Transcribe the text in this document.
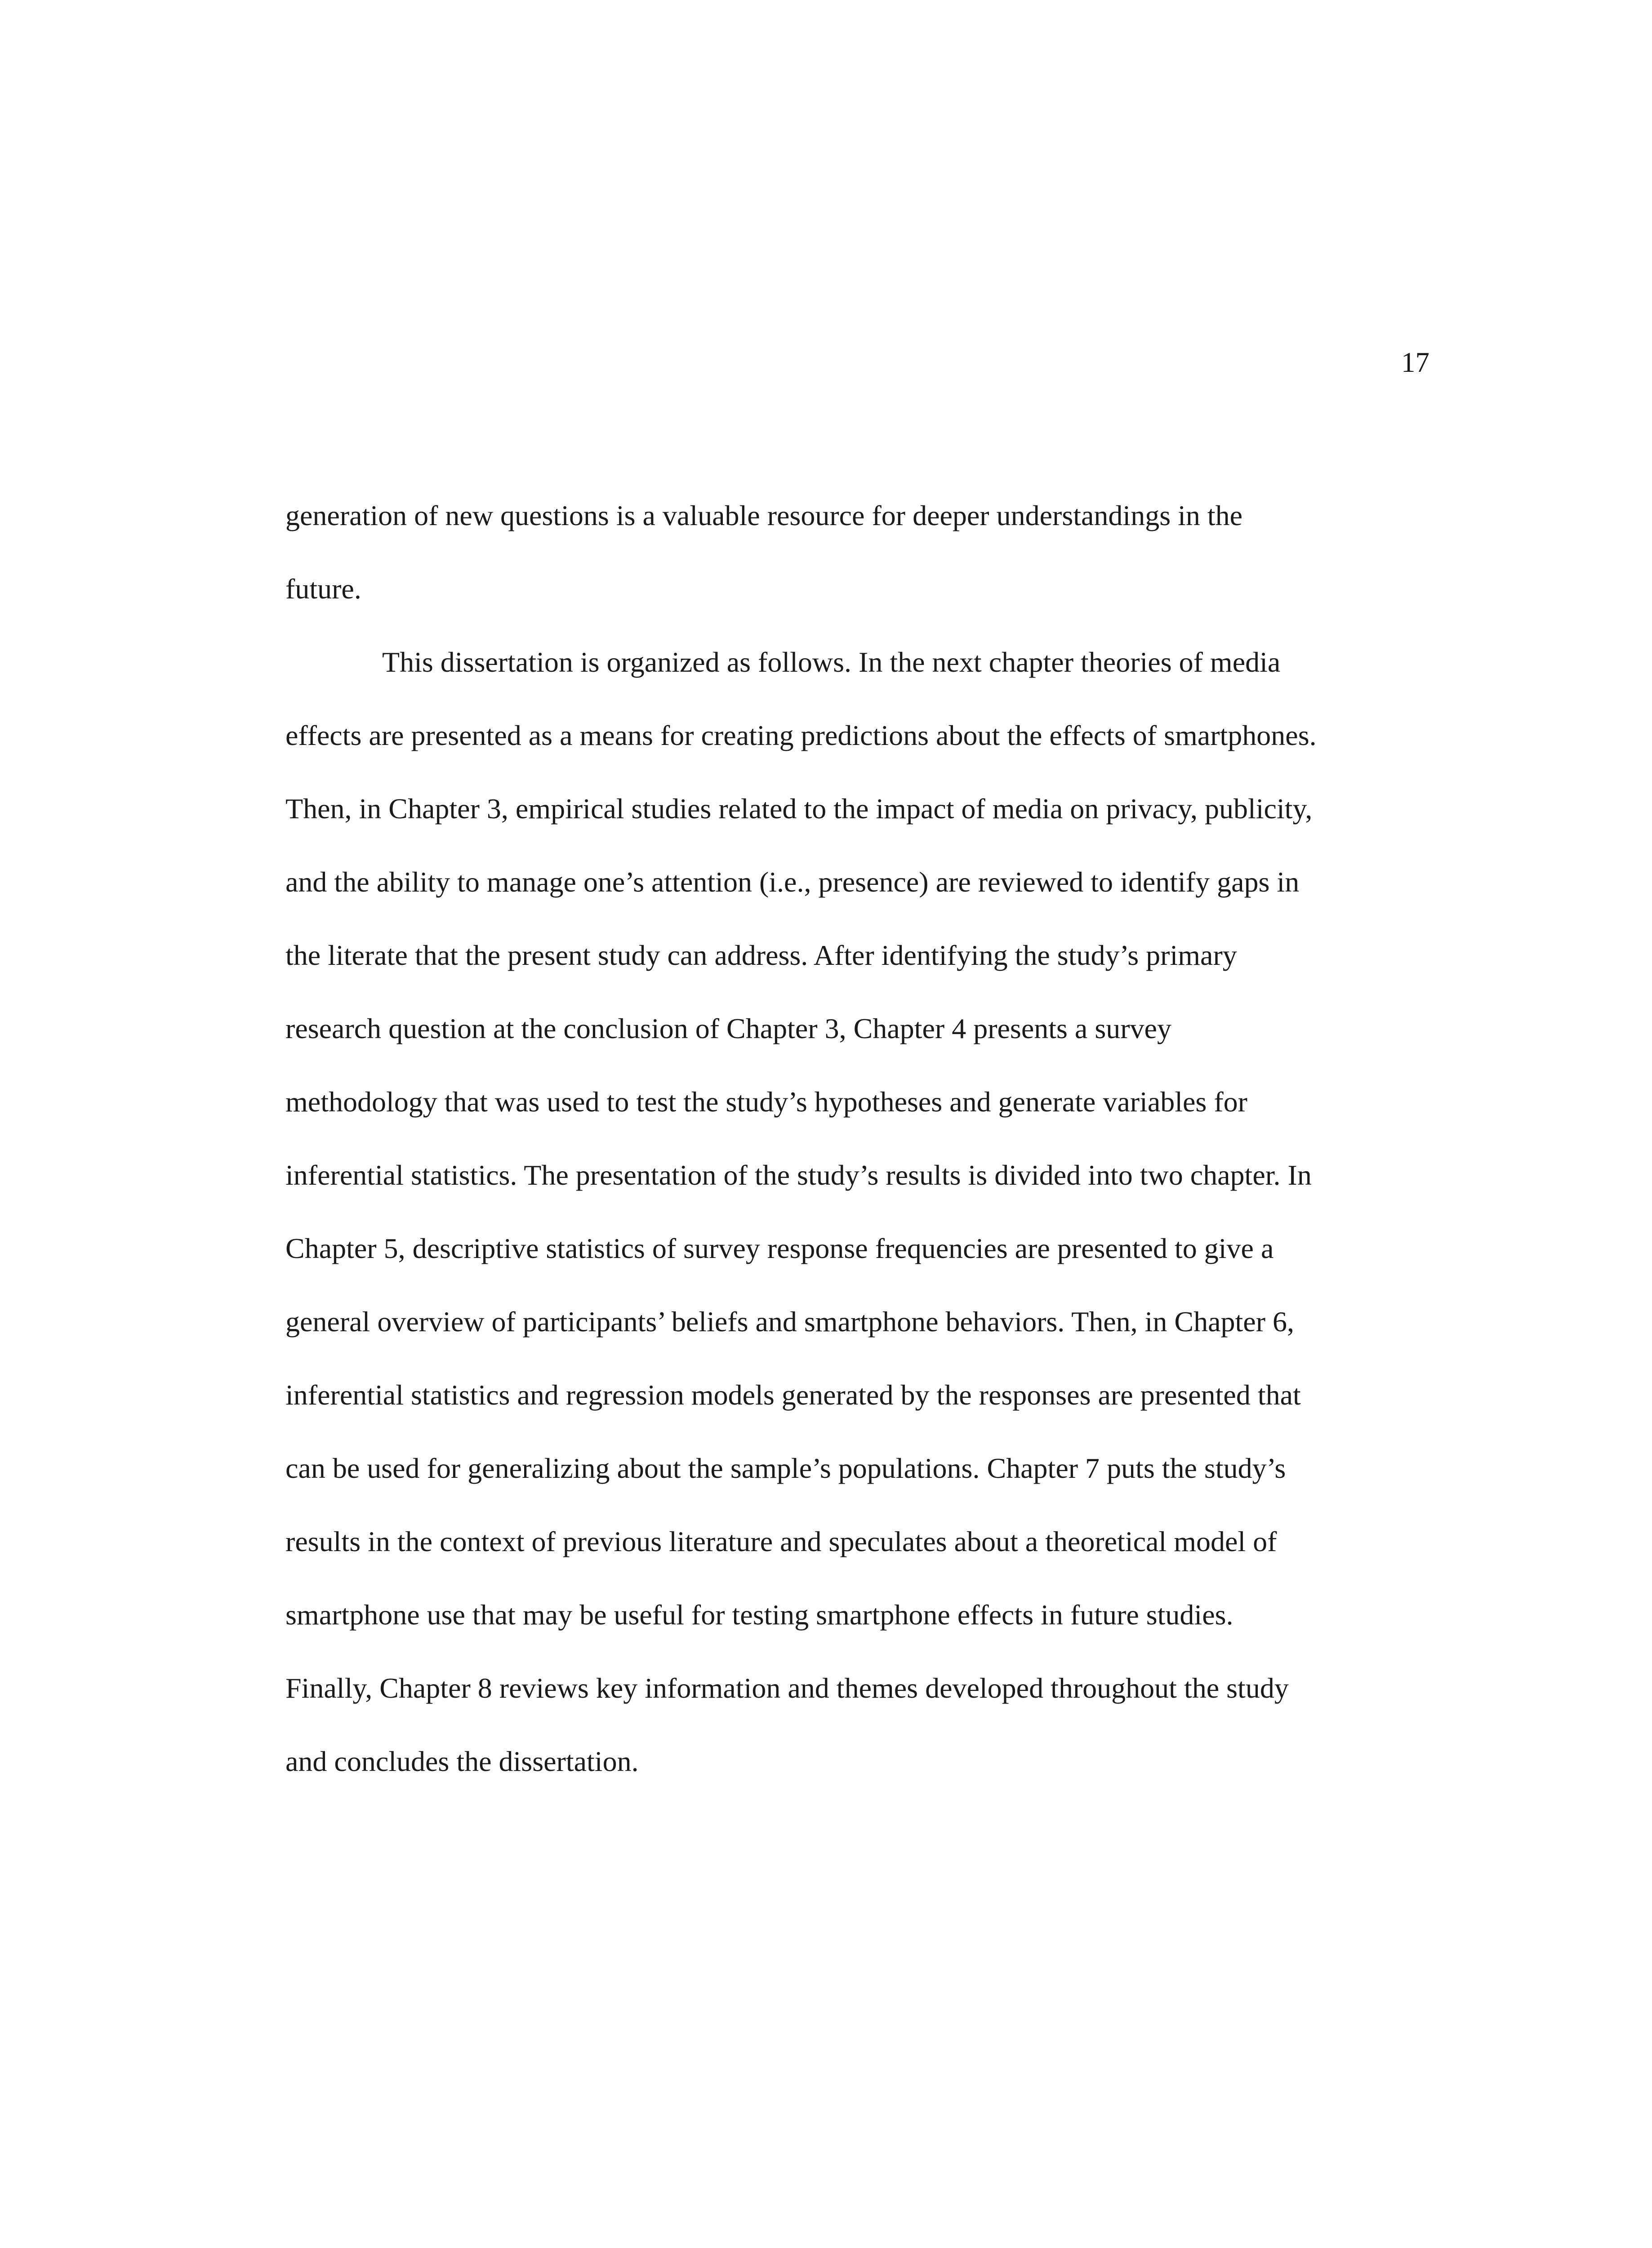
17

generation of new questions is a valuable resource for deeper understandings in the
future.
This dissertation is organized as follows. In the next chapter theories of media
effects are presented as a means for creating predictions about the effects of smartphones.
Then, in Chapter 3, empirical studies related to the impact of media on privacy, publicity,
and the ability to manage one’s attention (i.e., presence) are reviewed to identify gaps in
the literate that the present study can address. After identifying the study’s primary
research question at the conclusion of Chapter 3, Chapter 4 presents a survey
methodology that was used to test the study’s hypotheses and generate variables for
inferential statistics. The presentation of the study’s results is divided into two chapter. In
Chapter 5, descriptive statistics of survey response frequencies are presented to give a
general overview of participants’ beliefs and smartphone behaviors. Then, in Chapter 6,
inferential statistics and regression models generated by the responses are presented that
can be used for generalizing about the sample’s populations. Chapter 7 puts the study’s
results in the context of previous literature and speculates about a theoretical model of
smartphone use that may be useful for testing smartphone effects in future studies.
Finally, Chapter 8 reviews key information and themes developed throughout the study
and concludes the dissertation.
